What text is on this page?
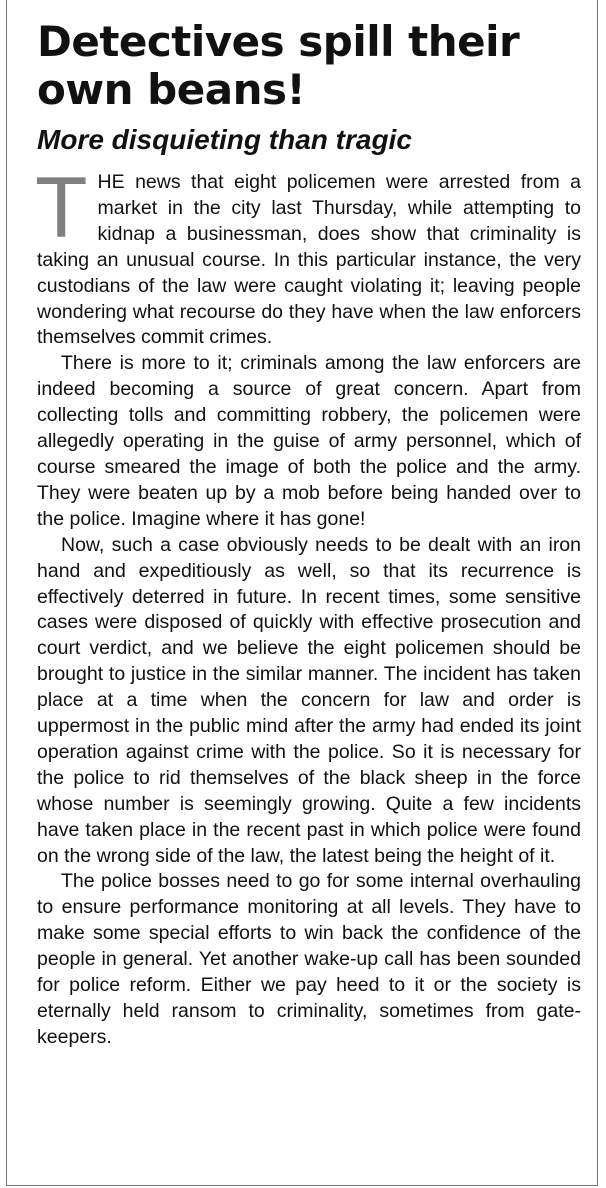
Detectives spill their own beans!
More disquieting than tragic

THE news that eight policemen were arrested from a market in the city last Thursday, while attempting to kidnap a businessman, does show that criminality is taking an unusual course. In this particular instance, the very custodians of the law were caught violating it; leaving people wondering what recourse do they have when the law enforcers themselves commit crimes.

There is more to it; criminals among the law enforcers are indeed becoming a source of great concern. Apart from collecting tolls and committing robbery, the policemen were allegedly operating in the guise of army personnel, which of course smeared the image of both the police and the army. They were beaten up by a mob before being handed over to the police. Imagine where it has gone!

Now, such a case obviously needs to be dealt with an iron hand and expeditiously as well, so that its recurrence is effectively deterred in future. In recent times, some sensitive cases were disposed of quickly with effective prosecution and court verdict, and we believe the eight policemen should be brought to justice in the similar manner. The incident has taken place at a time when the concern for law and order is uppermost in the public mind after the army had ended its joint operation against crime with the police. So it is necessary for the police to rid themselves of the black sheep in the force whose number is seemingly growing. Quite a few incidents have taken place in the recent past in which police were found on the wrong side of the law, the latest being the height of it.

The police bosses need to go for some internal overhauling to ensure performance monitoring at all levels. They have to make some special efforts to win back the confidence of the people in general. Yet another wake-up call has been sounded for police reform. Either we pay heed to it or the society is eternally held ransom to criminality, sometimes from gate-keepers.
